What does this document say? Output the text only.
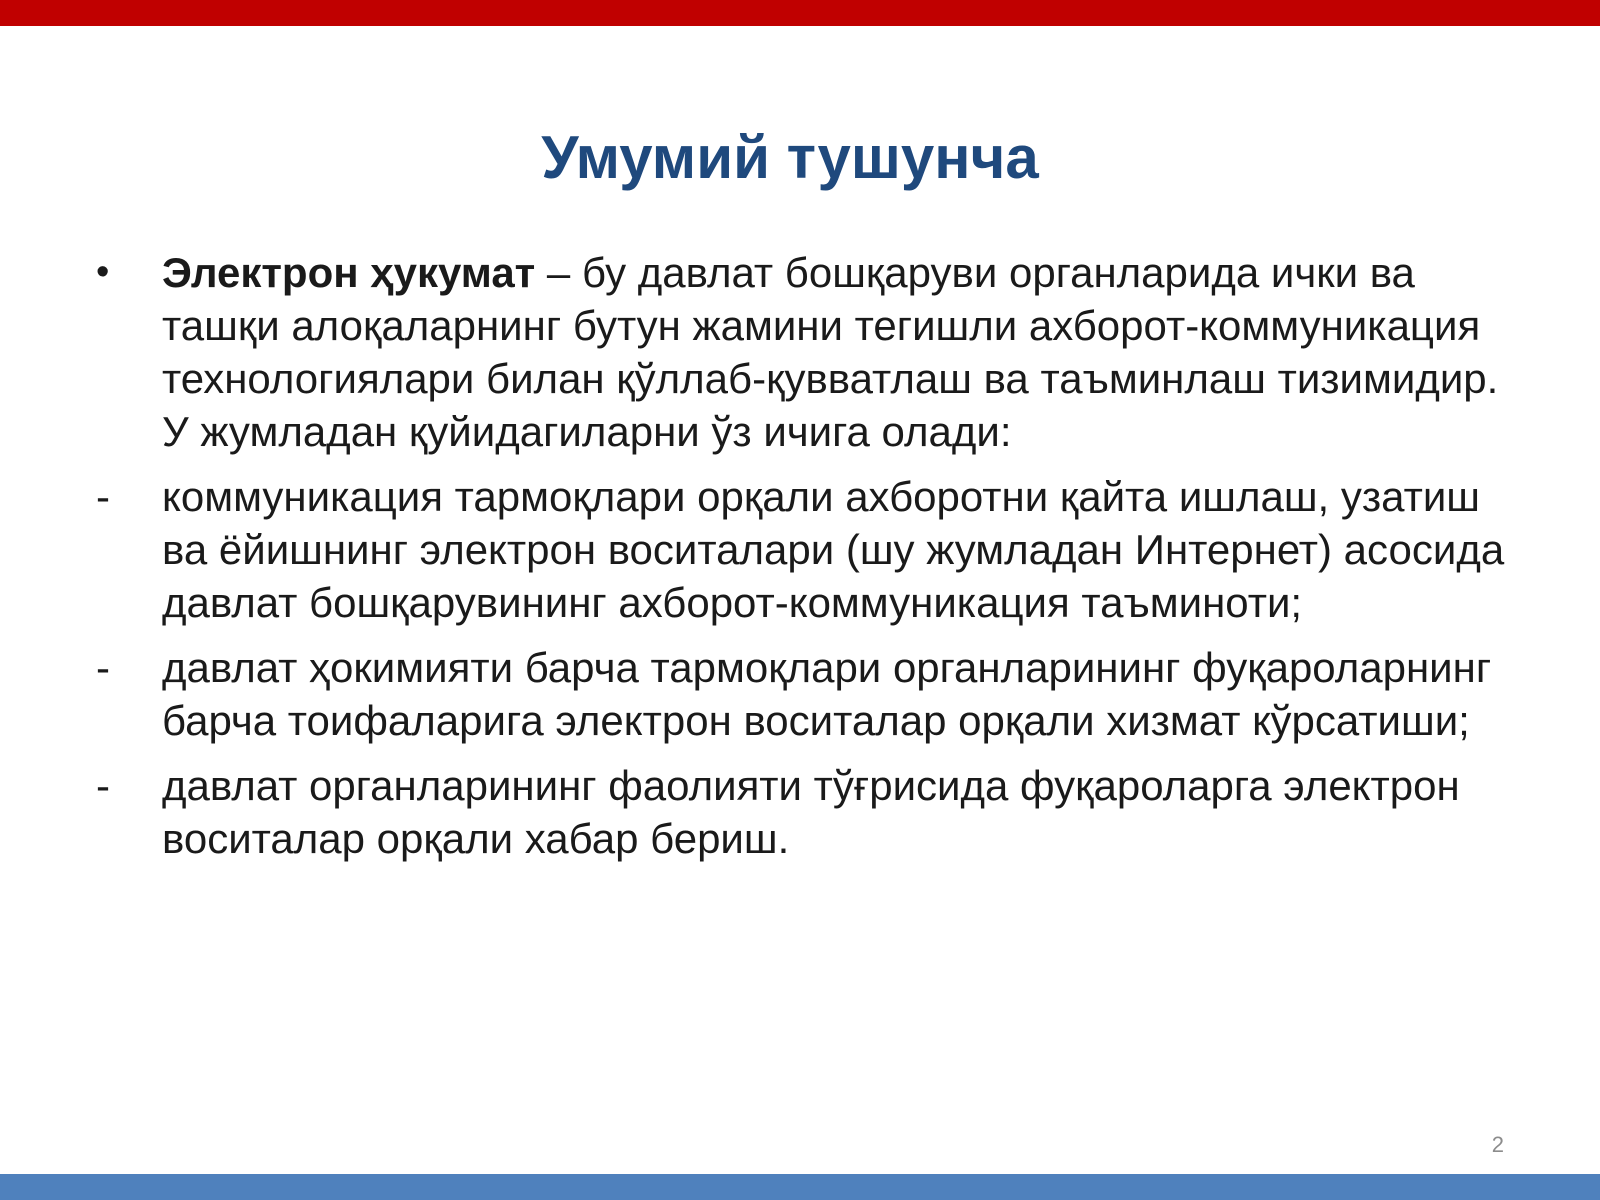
Умумий тушунча
•	Электрон ҳукумат – бу давлат бошқаруви органларида ички ва ташқи алоқаларнинг бутун жамини тегишли ахборот-коммуникация технологиялари билан қўллаб-қувватлаш ва таъминлаш тизимидир. У жумладан қуйидагиларни ўз ичига олади:
-	коммуникация тармоқлари орқали ахборотни қайта ишлаш, узатиш ва ёйишнинг электрон воситалари (шу жумладан Интернет) асосида давлат бошқарувининг ахборот-коммуникация таъминоти;
-	давлат ҳокимияти барча тармоқлари органларининг фуқароларнинг барча тоифаларига электрон воситалар орқали хизмат кўрсатиши;
-	давлат органларининг фаолияти тўғрисида фуқароларга электрон воситалар орқали хабар бериш.
2
